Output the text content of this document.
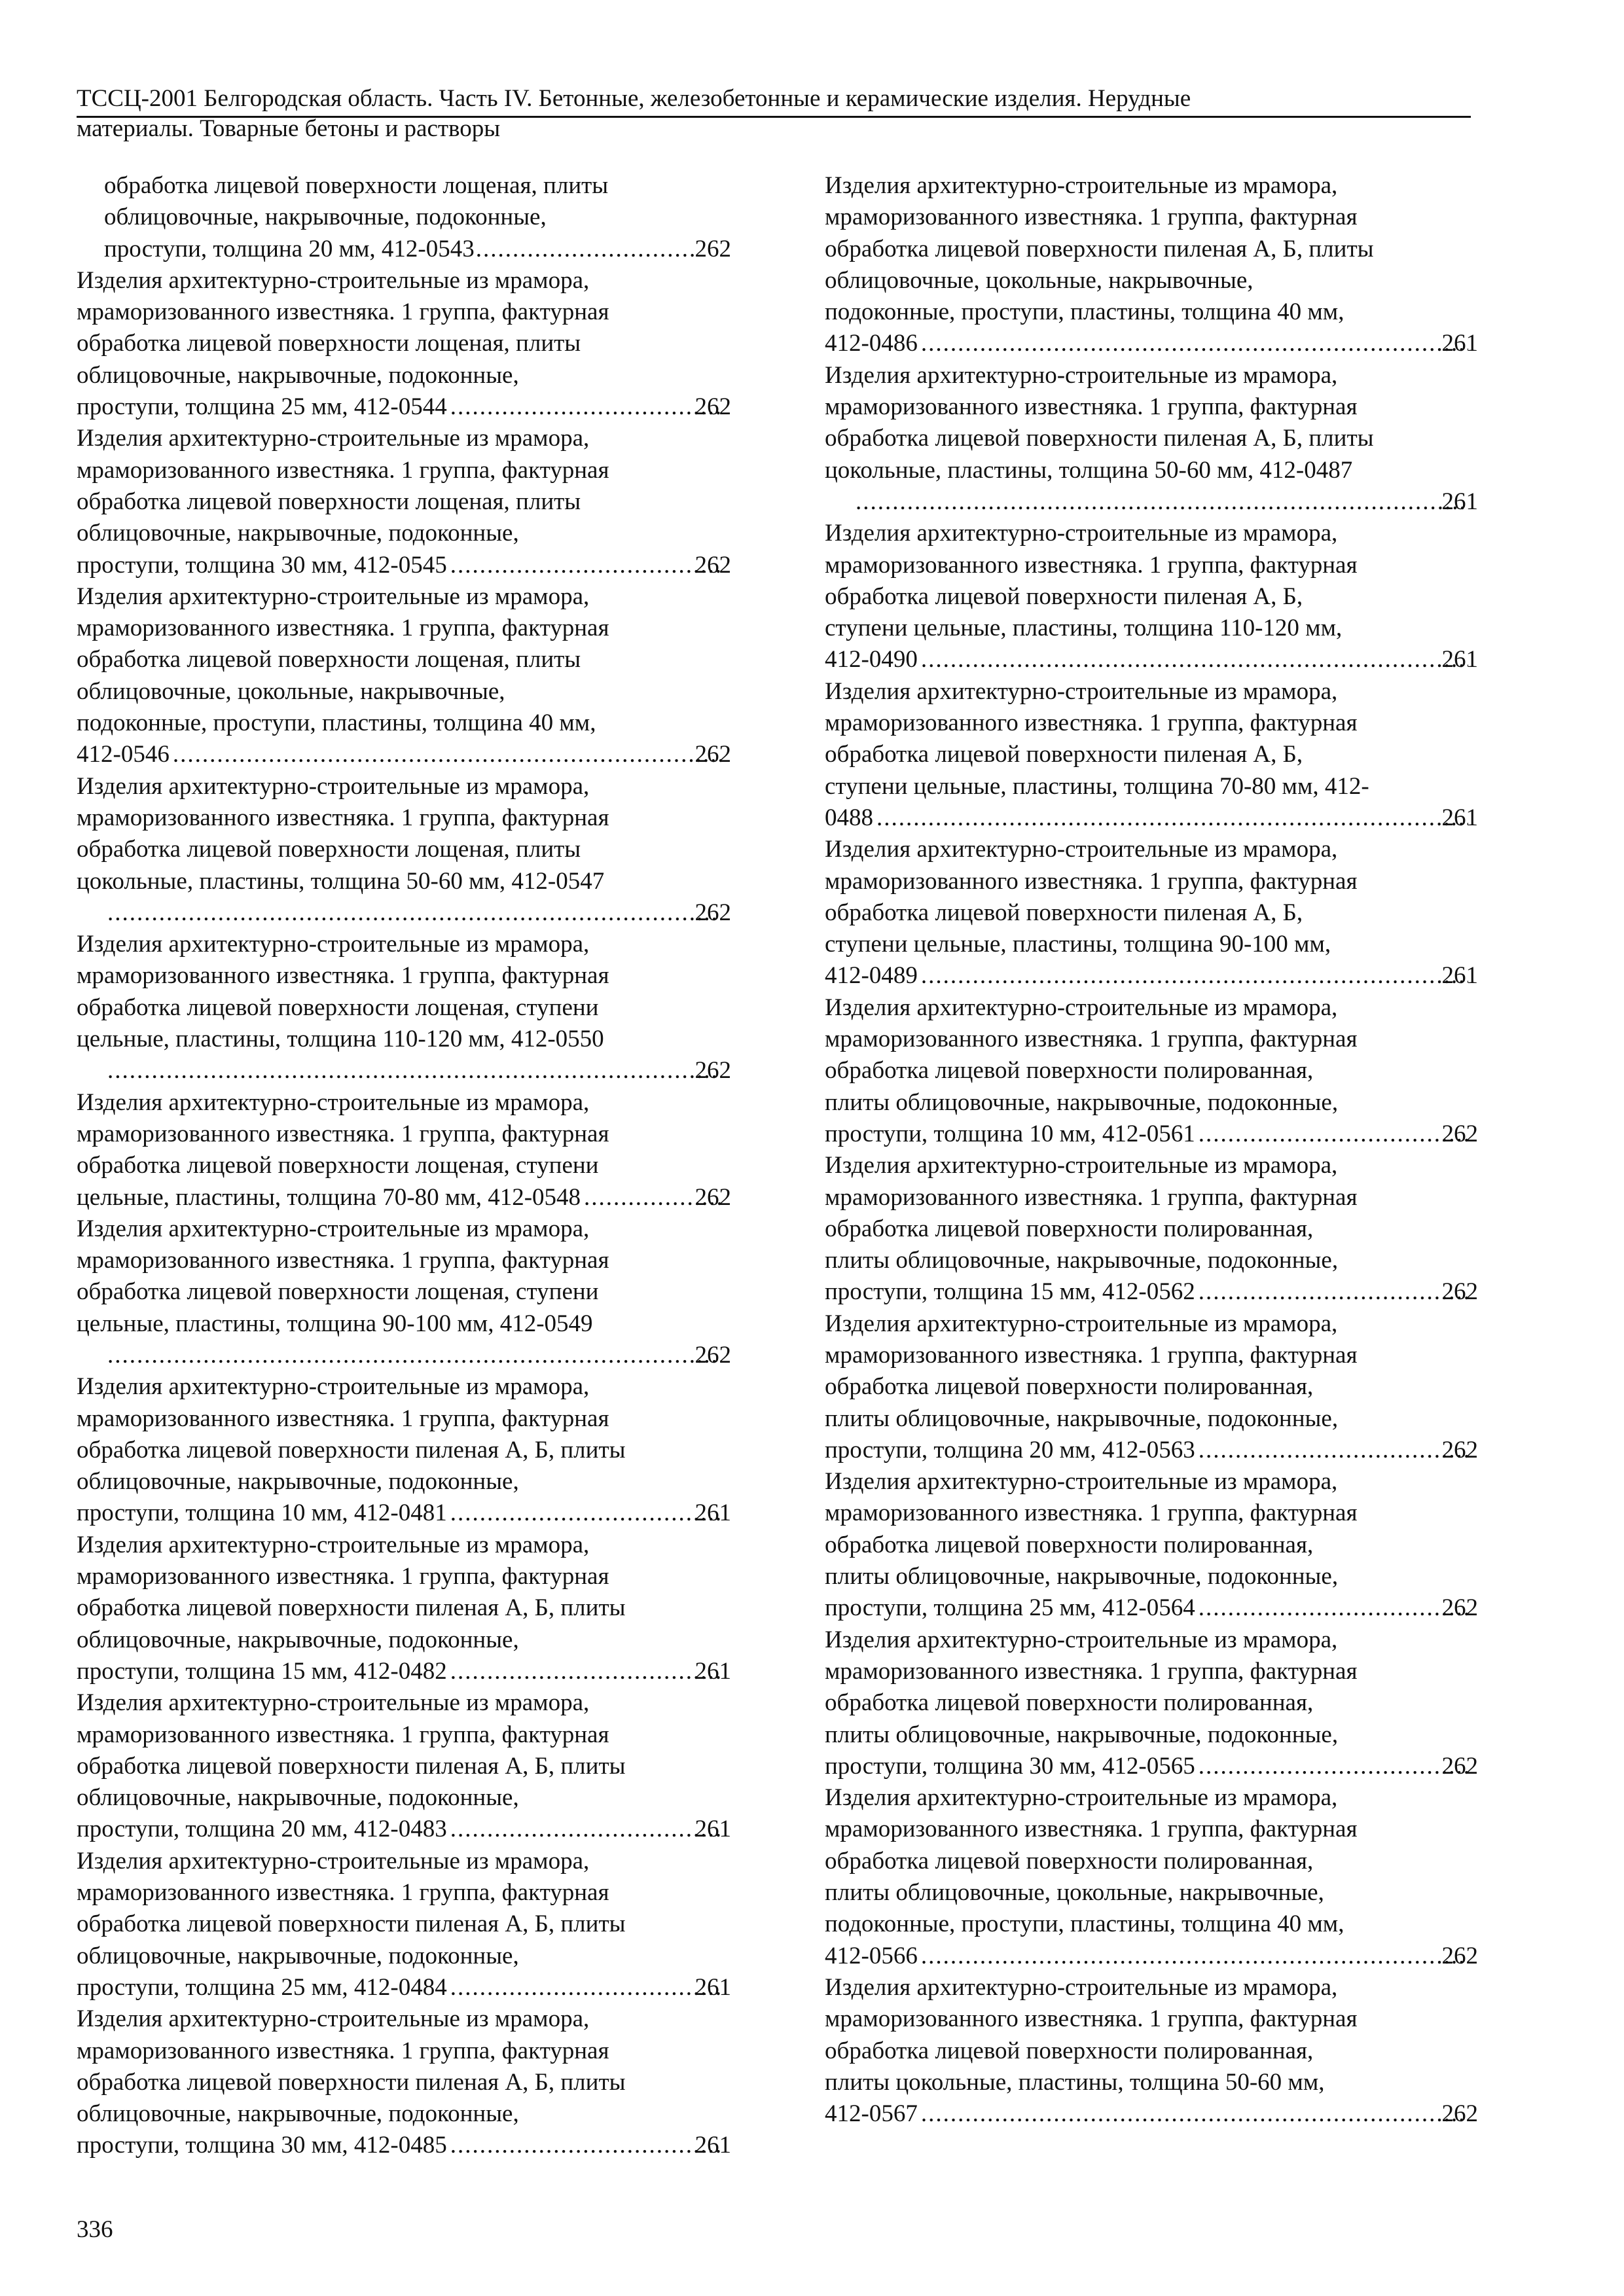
ТССЦ-2001 Белгородская область. Часть IV. Бетонные, железобетонные и керамические изделия. Нерудные
материалы. Товарные бетоны и растворы
обработка лицевой поверхности лощеная, плиты
облицовочные, накрывочные, подоконные,
проступи, толщина 20 мм, 412-0543 .....	262
Изделия архитектурно-строительные из мрамора,
мраморизованного известняка. 1 группа, фактурная
обработка лицевой поверхности лощеная, плиты
облицовочные, накрывочные, подоконные,
проступи, толщина 25 мм, 412-0544 .....	262
Изделия архитектурно-строительные из мрамора,
мраморизованного известняка. 1 группа, фактурная
обработка лицевой поверхности лощеная, плиты
облицовочные, накрывочные, подоконные,
проступи, толщина 30 мм, 412-0545 .....	262
Изделия архитектурно-строительные из мрамора,
мраморизованного известняка. 1 группа, фактурная
обработка лицевой поверхности лощеная, плиты
облицовочные, цокольные, накрывочные,
подоконные, проступи, пластины, толщина 40 мм,
412-0546 .....	262
Изделия архитектурно-строительные из мрамора,
мраморизованного известняка. 1 группа, фактурная
обработка лицевой поверхности лощеная, плиты
цокольные, пластины, толщина 50-60 мм, 412-0547
.....
262
Изделия архитектурно-строительные из мрамора,
мраморизованного известняка. 1 группа, фактурная
обработка лицевой поверхности лощеная, ступени
цельные, пластины, толщина 110-120 мм, 412-0550
.....
262
Изделия архитектурно-строительные из мрамора,
мраморизованного известняка. 1 группа, фактурная
обработка лицевой поверхности лощеная, ступени
цельные, пластины, толщина 70-80 мм, 412-0548 .....	262
Изделия архитектурно-строительные из мрамора,
мраморизованного известняка. 1 группа, фактурная
обработка лицевой поверхности лощеная, ступени
цельные, пластины, толщина 90-100 мм, 412-0549
.....
262
Изделия архитектурно-строительные из мрамора,
мраморизованного известняка. 1 группа, фактурная
обработка лицевой поверхности пиленая А, Б, плиты
облицовочные, накрывочные, подоконные,
проступи, толщина 10 мм, 412-0481 .....	261
Изделия архитектурно-строительные из мрамора,
мраморизованного известняка. 1 группа, фактурная
обработка лицевой поверхности пиленая А, Б, плиты
облицовочные, накрывочные, подоконные,
проступи, толщина 15 мм, 412-0482 .....	261
Изделия архитектурно-строительные из мрамора,
мраморизованного известняка. 1 группа, фактурная
обработка лицевой поверхности пиленая А, Б, плиты
облицовочные, накрывочные, подоконные,
проступи, толщина 20 мм, 412-0483 .....	261
Изделия архитектурно-строительные из мрамора,
мраморизованного известняка. 1 группа, фактурная
обработка лицевой поверхности пиленая А, Б, плиты
облицовочные, накрывочные, подоконные,
проступи, толщина 25 мм, 412-0484 .....	261
Изделия архитектурно-строительные из мрамора,
мраморизованного известняка. 1 группа, фактурная
обработка лицевой поверхности пиленая А, Б, плиты
облицовочные, накрывочные, подоконные,
проступи, толщина 30 мм, 412-0485 .....	261
Изделия архитектурно-строительные из мрамора,
мраморизованного известняка. 1 группа, фактурная
обработка лицевой поверхности пиленая А, Б, плиты
облицовочные, цокольные, накрывочные,
подоконные, проступи, пластины, толщина 40 мм,
412-0486 .....	261
Изделия архитектурно-строительные из мрамора,
мраморизованного известняка. 1 группа, фактурная
обработка лицевой поверхности пиленая А, Б, плиты
цокольные, пластины, толщина 50-60 мм, 412-0487
.....
261
Изделия архитектурно-строительные из мрамора,
мраморизованного известняка. 1 группа, фактурная
обработка лицевой поверхности пиленая А, Б,
ступени цельные, пластины, толщина 110-120 мм,
412-0490 .....	261
Изделия архитектурно-строительные из мрамора,
мраморизованного известняка. 1 группа, фактурная
обработка лицевой поверхности пиленая А, Б,
ступени цельные, пластины, толщина 70-80 мм, 412-
0488 .....	261
Изделия архитектурно-строительные из мрамора,
мраморизованного известняка. 1 группа, фактурная
обработка лицевой поверхности пиленая А, Б,
ступени цельные, пластины, толщина 90-100 мм,
412-0489 .....	261
Изделия архитектурно-строительные из мрамора,
мраморизованного известняка. 1 группа, фактурная
обработка лицевой поверхности полированная,
плиты облицовочные, накрывочные, подоконные,
проступи, толщина 10 мм, 412-0561 .....	262
Изделия архитектурно-строительные из мрамора,
мраморизованного известняка. 1 группа, фактурная
обработка лицевой поверхности полированная,
плиты облицовочные, накрывочные, подоконные,
проступи, толщина 15 мм, 412-0562 .....	262
Изделия архитектурно-строительные из мрамора,
мраморизованного известняка. 1 группа, фактурная
обработка лицевой поверхности полированная,
плиты облицовочные, накрывочные, подоконные,
проступи, толщина 20 мм, 412-0563 .....	262
Изделия архитектурно-строительные из мрамора,
мраморизованного известняка. 1 группа, фактурная
обработка лицевой поверхности полированная,
плиты облицовочные, накрывочные, подоконные,
проступи, толщина 25 мм, 412-0564 .....	262
Изделия архитектурно-строительные из мрамора,
мраморизованного известняка. 1 группа, фактурная
обработка лицевой поверхности полированная,
плиты облицовочные, накрывочные, подоконные,
проступи, толщина 30 мм, 412-0565 .....	262
Изделия архитектурно-строительные из мрамора,
мраморизованного известняка. 1 группа, фактурная
обработка лицевой поверхности полированная,
плиты облицовочные, цокольные, накрывочные,
подоконные, проступи, пластины, толщина 40 мм,
412-0566 .....	262
Изделия архитектурно-строительные из мрамора,
мраморизованного известняка. 1 группа, фактурная
обработка лицевой поверхности полированная,
плиты цокольные, пластины, толщина 50-60 мм,
412-0567 .....	262
336
